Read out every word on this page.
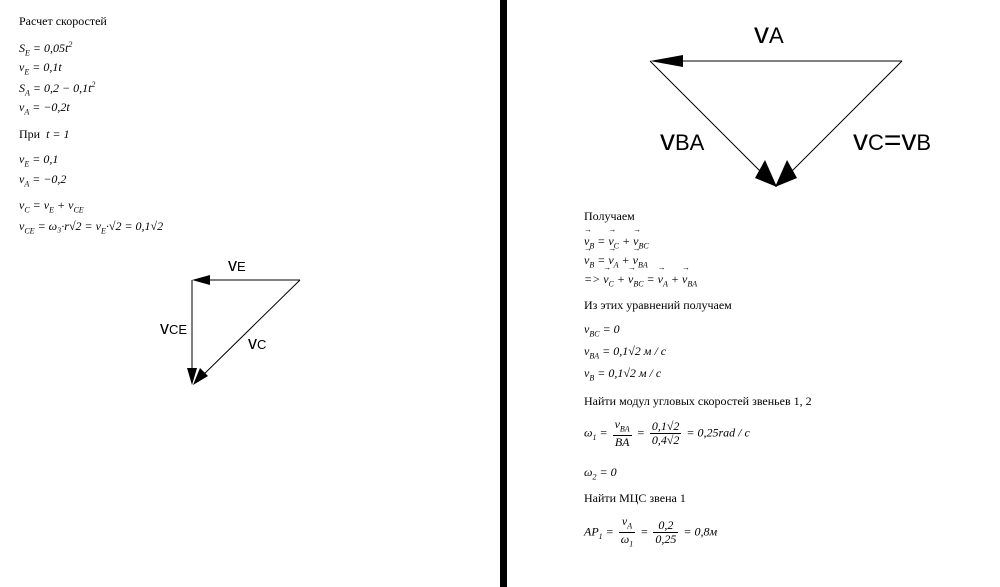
Расчет скоростей
$S_E = 0,05t^2$
$v_E = 0,1t$
$S_A = 0,2 - 0,1t^2$
$v_A = -0,2t$
При t = 1
$v_E = 0,1$
$v_A = -0,2$
$v_C = v_E + v_{CE}$
$v_{CE} = \omega_3\cdot r√2 = v_E\cdot√2 = 0,1√2$
vE
vCE
vC
vA
vBA	vC=vB
Получаем
→ $v_B$ = → $v_C$ + → $v_{BC}$
→ $v_B$ = → $v_A$ + → $v_{BA}$
=> → $v_C$ + → $v_{BC}$ = → $v_A$ + → $v_{BA}$
Из этих уравнений получаем
$v_{BC} = 0$
$v_{BA} = 0,1√2$ м / с
$v_B = 0,1√2$ м / с
Найти модул угловых скоростей звеньев 1, 2
$\omega_1 = \frac{v_{BA}}{BA} = \frac{0,1√2}{0,4√2} = 0,25rad / с$
$\omega_2 = 0$
Найти МЦС звена 1
$AP_1 = \frac{v_A}{\omega_1} = \frac{0,2}{0,25} = 0,8м$
